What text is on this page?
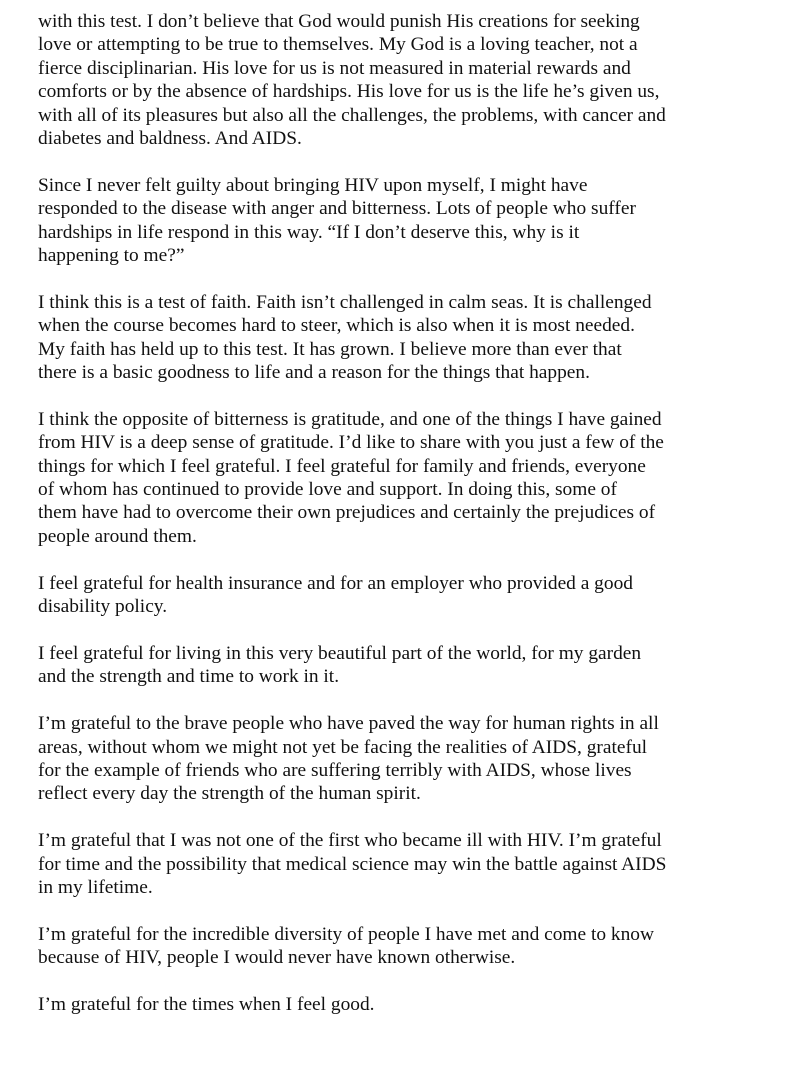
with this test. I don’t believe that God would punish His creations for seeking
love or attempting to be true to themselves. My God is a loving teacher, not a
fierce disciplinarian. His love for us is not measured in material rewards and
comforts or by the absence of hardships. His love for us is the life he’s given us,
with all of its pleasures but also all the challenges, the problems, with cancer and
diabetes and baldness. And AIDS.

Since I never felt guilty about bringing HIV upon myself, I might have
responded to the disease with anger and bitterness. Lots of people who suffer
hardships in life respond in this way. “If I don’t deserve this, why is it
happening to me?”

I think this is a test of faith. Faith isn’t challenged in calm seas. It is challenged
when the course becomes hard to steer, which is also when it is most needed.
My faith has held up to this test. It has grown. I believe more than ever that
there is a basic goodness to life and a reason for the things that happen.

I think the opposite of bitterness is gratitude, and one of the things I have gained
from HIV is a deep sense of gratitude. I’d like to share with you just a few of the
things for which I feel grateful. I feel grateful for family and friends, everyone
of whom has continued to provide love and support. In doing this, some of
them have had to overcome their own prejudices and certainly the prejudices of
people around them.

I feel grateful for health insurance and for an employer who provided a good
disability policy.

I feel grateful for living in this very beautiful part of the world, for my garden
and the strength and time to work in it.

I’m grateful to the brave people who have paved the way for human rights in all
areas, without whom we might not yet be facing the realities of AIDS, grateful
for the example of friends who are suffering terribly with AIDS, whose lives
reflect every day the strength of the human spirit.

I’m grateful that I was not one of the first who became ill with HIV. I’m grateful
for time and the possibility that medical science may win the battle against AIDS
in my lifetime.

I’m grateful for the incredible diversity of people I have met and come to know
because of HIV, people I would never have known otherwise.

I’m grateful for the times when I feel good.
